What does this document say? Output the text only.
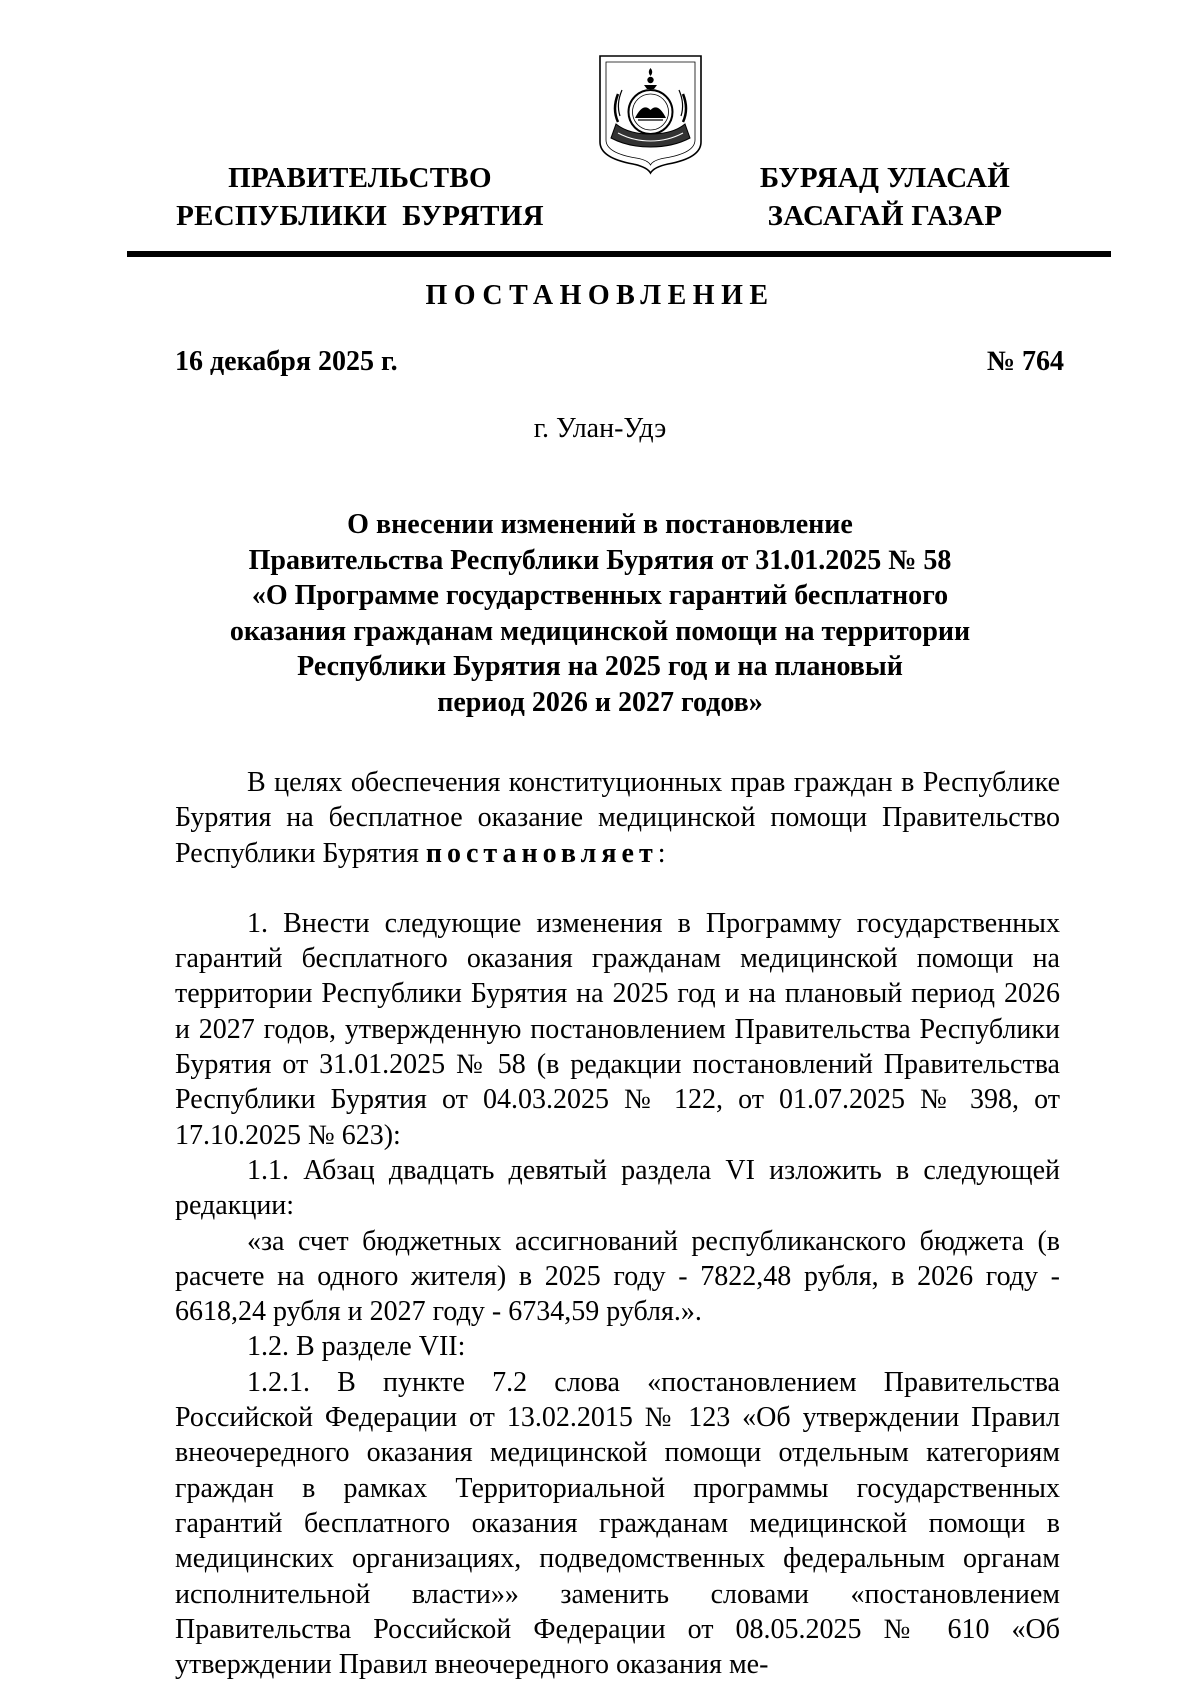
ПРАВИТЕЛЬСТВО
РЕСПУБЛИКИ  БУРЯТИЯ
БУРЯАД УЛАСАЙ
ЗАСАГАЙ ГАЗАР
ПОСТАНОВЛЕНИЕ
16 декабря 2025 г.	№ 764
г. Улан-Удэ
О внесении изменений в постановление
Правительства Республики Бурятия от 31.01.2025 № 58
«О Программе государственных гарантий бесплатного
оказания гражданам медицинской помощи на территории
Республики Бурятия на 2025 год и на плановый
период 2026 и 2027 годов»

В целях обеспечения конституционных прав граждан в Республике Бурятия на бесплатное оказание медицинской помощи Правительство Республики Бурятия постановляет:

1. Внести следующие изменения в Программу государственных гарантий бесплатного оказания гражданам медицинской помощи на территории Республики Бурятия на 2025 год и на плановый период 2026 и 2027 годов, утвержденную постановлением Правительства Республики Бурятия от 31.01.2025 № 58 (в редакции постановлений Правительства Республики Бурятия от 04.03.2025 № 122, от 01.07.2025 № 398, от 17.10.2025 № 623):

1.1. Абзац двадцать девятый раздела VI изложить в следующей редакции:

«за счет бюджетных ассигнований республиканского бюджета (в расчете на одного жителя) в 2025 году - 7822,48 рубля, в 2026 году - 6618,24 рубля и 2027 году - 6734,59 рубля.».

1.2. В разделе VII:

1.2.1. В пункте 7.2 слова «постановлением Правительства Российской Федерации от 13.02.2015 № 123 «Об утверждении Правил внеочередного оказания медицинской помощи отдельным категориям граждан в рамках Территориальной программы государственных гарантий бесплатного оказания гражданам медицинской помощи в медицинских организациях, подведомственных федеральным органам исполнительной власти»» заменить словами «постановлением Правительства Российской Федерации от 08.05.2025 № 610 «Об утверждении Правил внеочередного оказания ме-
